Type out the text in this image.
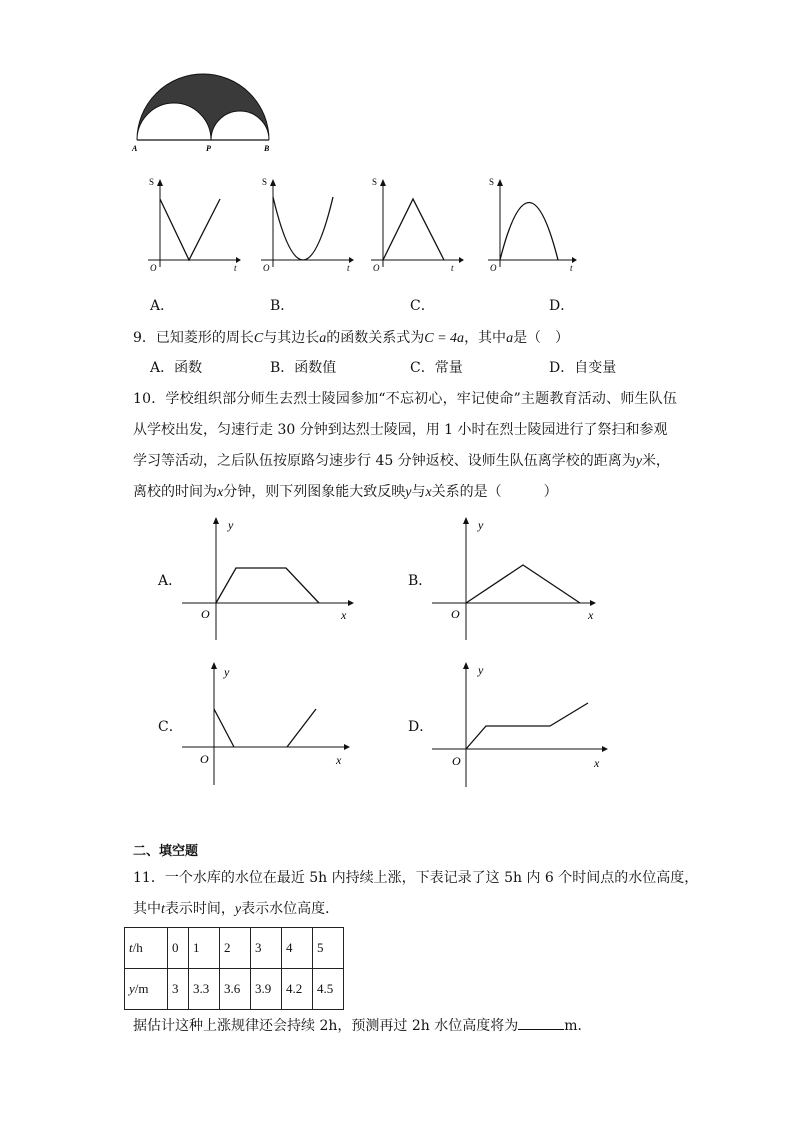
A	P	B
S
O	t
S
O	t
S
O	t
S
O	t
A．	B．	C．	D．
9．已知菱形的周长C与其边长a的函数关系式为C = 4a，其中a是（　）
A．函数	B．函数值	C．常量	D．自变量
10．学校组织部分师生去烈士陵园参加“不忘初心，牢记使命”主题教育活动、师生队伍
从学校出发，匀速行走 30 分钟到达烈士陵园，用 1 小时在烈士陵园进行了祭扫和参观
学习等活动，之后队伍按原路匀速步行 45 分钟返校、设师生队伍离学校的距离为y米，
离校的时间为x分钟，则下列图象能大致反映y与x关系的是（　　　）
A．
y
O	x
B．
y
O	x
C．
y
O	x
D．
y
O	x
二、填空题
11．一个水库的水位在最近 5h 内持续上涨，下表记录了这 5h 内 6 个时间点的水位高度，
其中t表示时间，y表示水位高度．
t/h	0	1	2	3	4	5
y/m	3	3.3	3.6	3.9	4.2	4.5
据估计这种上涨规律还会持续 2h，预测再过 2h 水位高度将为	m．
